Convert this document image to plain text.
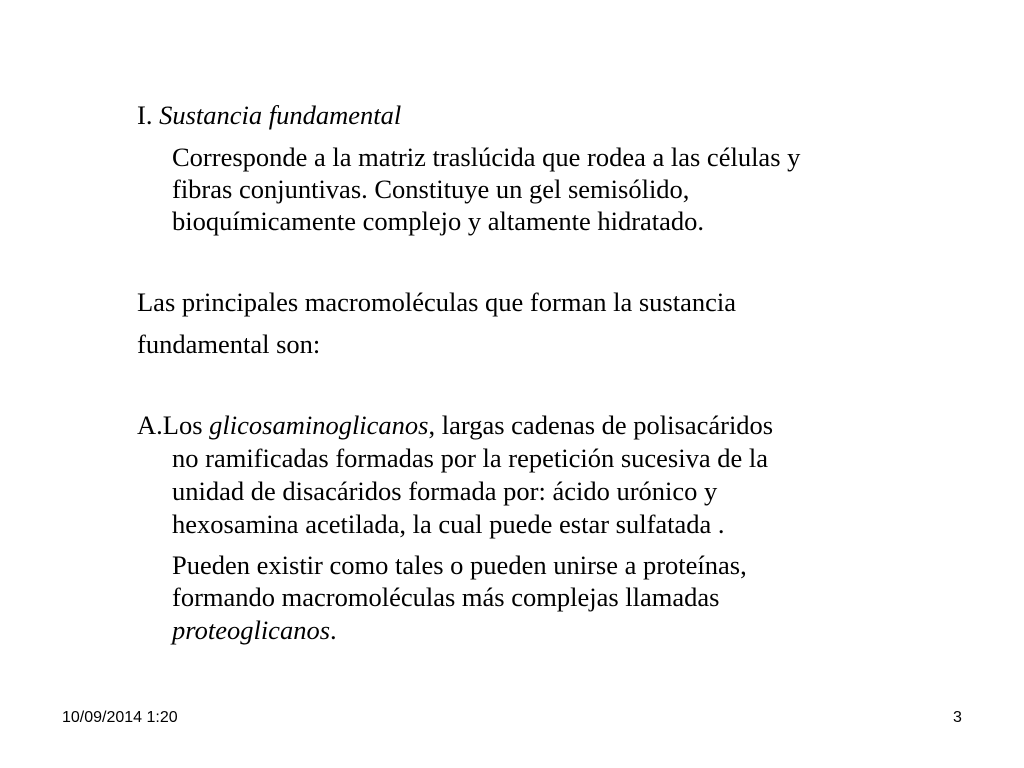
I. Sustancia fundamental
Corresponde a la matriz traslúcida que rodea a las células y
fibras conjuntivas. Constituye un gel semisólido,
bioquímicamente complejo y altamente hidratado.
Las principales macromoléculas que forman la sustancia
fundamental son:
A.Los glicosaminoglicanos, largas cadenas de polisacáridos
no ramificadas formadas por la repetición sucesiva de la
unidad de disacáridos formada por: ácido urónico y
hexosamina acetilada, la cual puede estar sulfatada .
Pueden existir como tales o pueden unirse a proteínas,
formando macromoléculas más complejas llamadas
proteoglicanos.
10/09/2014 1:20	3
